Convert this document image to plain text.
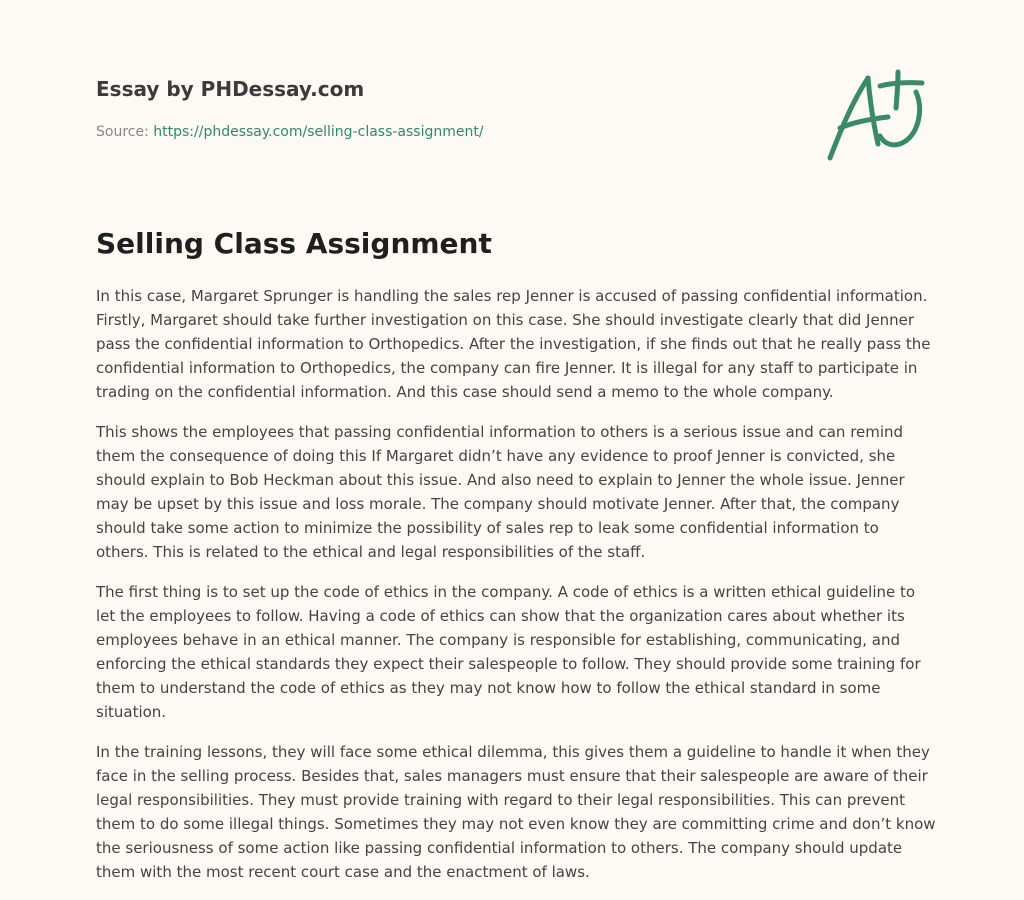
Essay by PHDessay.com
Source: https://phdessay.com/selling-class-assignment/
Selling Class Assignment

In this case, Margaret Sprunger is handling the sales rep Jenner is accused of passing confidential information. Firstly, Margaret should take further investigation on this case. She should investigate clearly that did Jenner pass the confidential information to Orthopedics. After the investigation, if she finds out that he really pass the confidential information to Orthopedics, the company can fire Jenner. It is illegal for any staff to participate in trading on the confidential information. And this case should send a memo to the whole company.

This shows the employees that passing confidential information to others is a serious issue and can remind them the consequence of doing this If Margaret didn’t have any evidence to proof Jenner is convicted, she should explain to Bob Heckman about this issue. And also need to explain to Jenner the whole issue. Jenner may be upset by this issue and loss morale. The company should motivate Jenner. After that, the company should take some action to minimize the possibility of sales rep to leak some confidential information to others. This is related to the ethical and legal responsibilities of the staff.

The first thing is to set up the code of ethics in the company. A code of ethics is a written ethical guideline to let the employees to follow. Having a code of ethics can show that the organization cares about whether its employees behave in an ethical manner. The company is responsible for establishing, communicating, and enforcing the ethical standards they expect their salespeople to follow. They should provide some training for them to understand the code of ethics as they may not know how to follow the ethical standard in some situation.

In the training lessons, they will face some ethical dilemma, this gives them a guideline to handle it when they face in the selling process. Besides that, sales managers must ensure that their salespeople are aware of their legal responsibilities. They must provide training with regard to their legal responsibilities. This can prevent them to do some illegal things. Sometimes they may not even know they are committing crime and don’t know the seriousness of some action like passing confidential information to others. The company should update them with the most recent court case and the enactment of laws.
